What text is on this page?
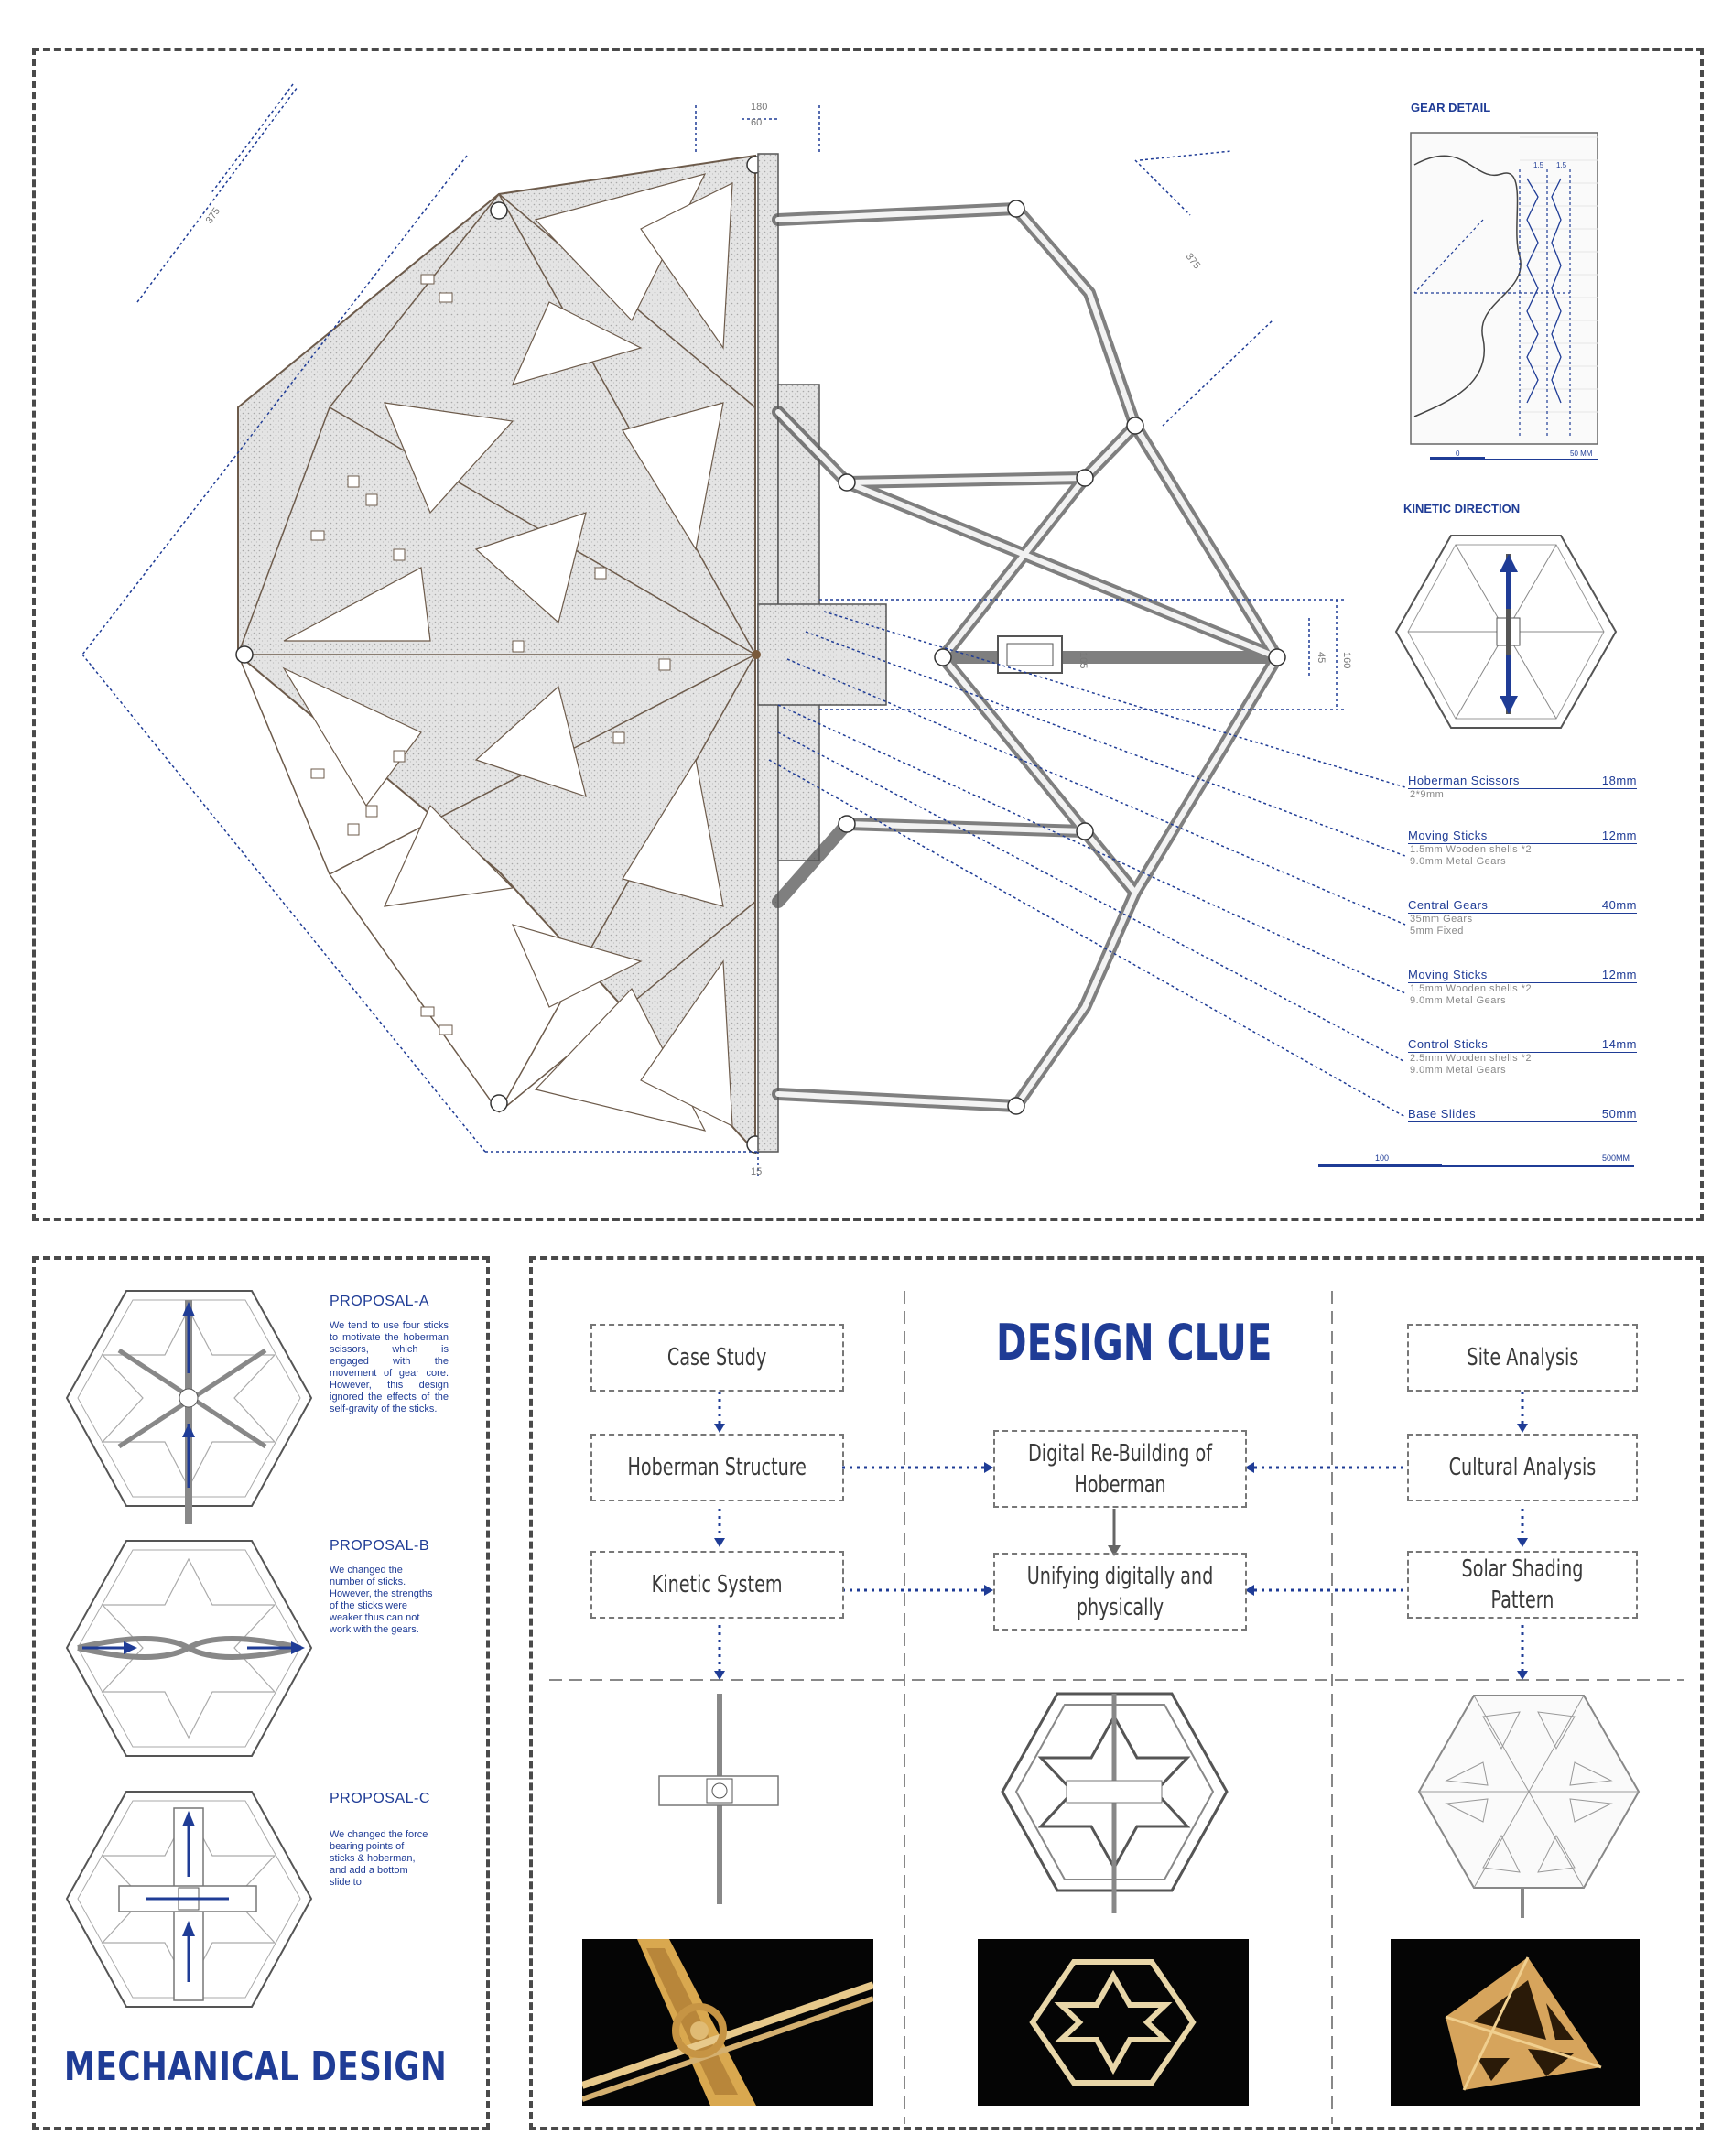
180
60
375
375
105	45 160
15
1.5 1.5
0	50 MM
GEAR DETAIL
KINETIC DIRECTION
Hoberman Scissors	18mm
2*9mm
Moving Sticks	12mm
1.5mm Wooden shells *2
9.0mm Metal Gears
Central Gears	40mm
35mm Gears
5mm Fixed
Moving Sticks	12mm
1.5mm Wooden shells *2
9.0mm Metal Gears
Control Sticks	14mm
2.5mm Wooden shells *2
9.0mm Metal Gears
Base Slides	50mm
100	500MM
PROPOSAL-A
We tend to use four sticks to motivate the hoberman scissors, which is engaged with the movement of gear core. However, this design ignored the effects of the self-gravity of the sticks.
PROPOSAL-B
We changed the number of sticks. However, the strengths of the sticks were weaker thus can not work with the gears.
PROPOSAL-C
We changed the force bearing points of sticks & hoberman, and add a bottom slide to
MECHANICAL DESIGN
DESIGN CLUE
Case Study
Hoberman Structure
Kinetic System
Digital Re-Building of Hoberman
Unifying digitally and physically
Site Analysis
Cultural Analysis
Solar Shading Pattern
